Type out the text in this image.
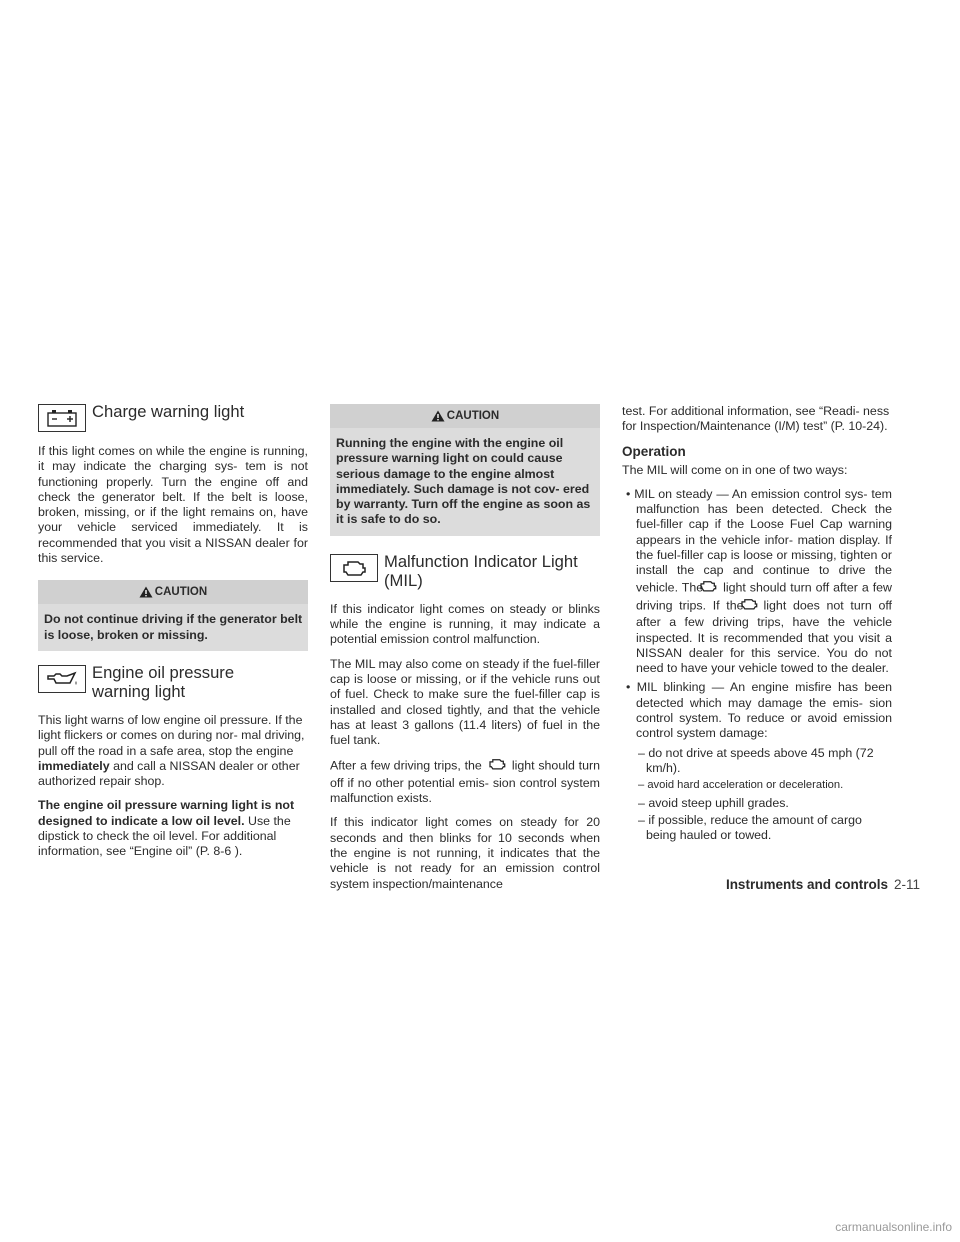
Charge warning light

If this light comes on while the engine is running, it may indicate the charging sys- tem is not functioning properly. Turn the engine off and check the generator belt. If the belt is loose, broken, missing, or if the light remains on, have your vehicle serviced immediately. It is recommended that you visit a NISSAN dealer for this service.

CAUTION
Do not continue driving if the generator belt is loose, broken or missing.
Engine oil pressure
warning light

This light warns of low engine oil pressure. If the light flickers or comes on during nor- mal driving, pull off the road in a safe area, stop the engine immediately and call a NISSAN dealer or other authorized repair shop.

The engine oil pressure warning light is not designed to indicate a low oil level. Use the dipstick to check the oil level. For additional information, see “Engine oil” (P. 8-6 ).

CAUTION
Running the engine with the engine oil pressure warning light on could cause serious damage to the engine almost immediately. Such damage is not cov- ered by warranty. Turn off the engine as soon as it is safe to do so.
Malfunction Indicator Light
(MIL)

If this indicator light comes on steady or blinks while the engine is running, it may indicate a potential emission control malfunction.

The MIL may also come on steady if the fuel-filler cap is loose or missing, or if the vehicle runs out of fuel. Check to make sure the fuel-filler cap is installed and closed tightly, and that the vehicle has at least 3 gallons (11.4 liters) of fuel in the fuel tank.

After a few driving trips, the light should turn off if no other potential emis- sion control system malfunction exists.

If this indicator light comes on steady for 20 seconds and then blinks for 10 seconds when the engine is not running, it indicates that the vehicle is not ready for an emission control system inspection/maintenance

test. For additional information, see “Readi- ness for Inspection/Maintenance (I/M) test” (P. 10-24).

Operation

The MIL will come on in one of two ways:

• MIL on steady — An emission control sys- tem malfunction has been detected. Check the fuel-filler cap if the Loose Fuel Cap warning appears in the vehicle infor- mation display. If the fuel-filler cap is loose or missing, tighten or install the cap and continue to drive the vehicle. The light should turn off after a few driving trips. If the light does not turn off after a few driving trips, have the vehicle inspected. It is recommended that you visit a NISSAN dealer for this service. You do not need to have your vehicle towed to the dealer.

• MIL blinking — An engine misfire has been detected which may damage the emis- sion control system. To reduce or avoid emission control system damage:

– do not drive at speeds above 45 mph (72 km/h).

– avoid hard acceleration or deceleration.

– avoid steep uphill grades.

– if possible, reduce the amount of cargo being hauled or towed.

Instruments and controls 2-11
carmanualsonline.info
